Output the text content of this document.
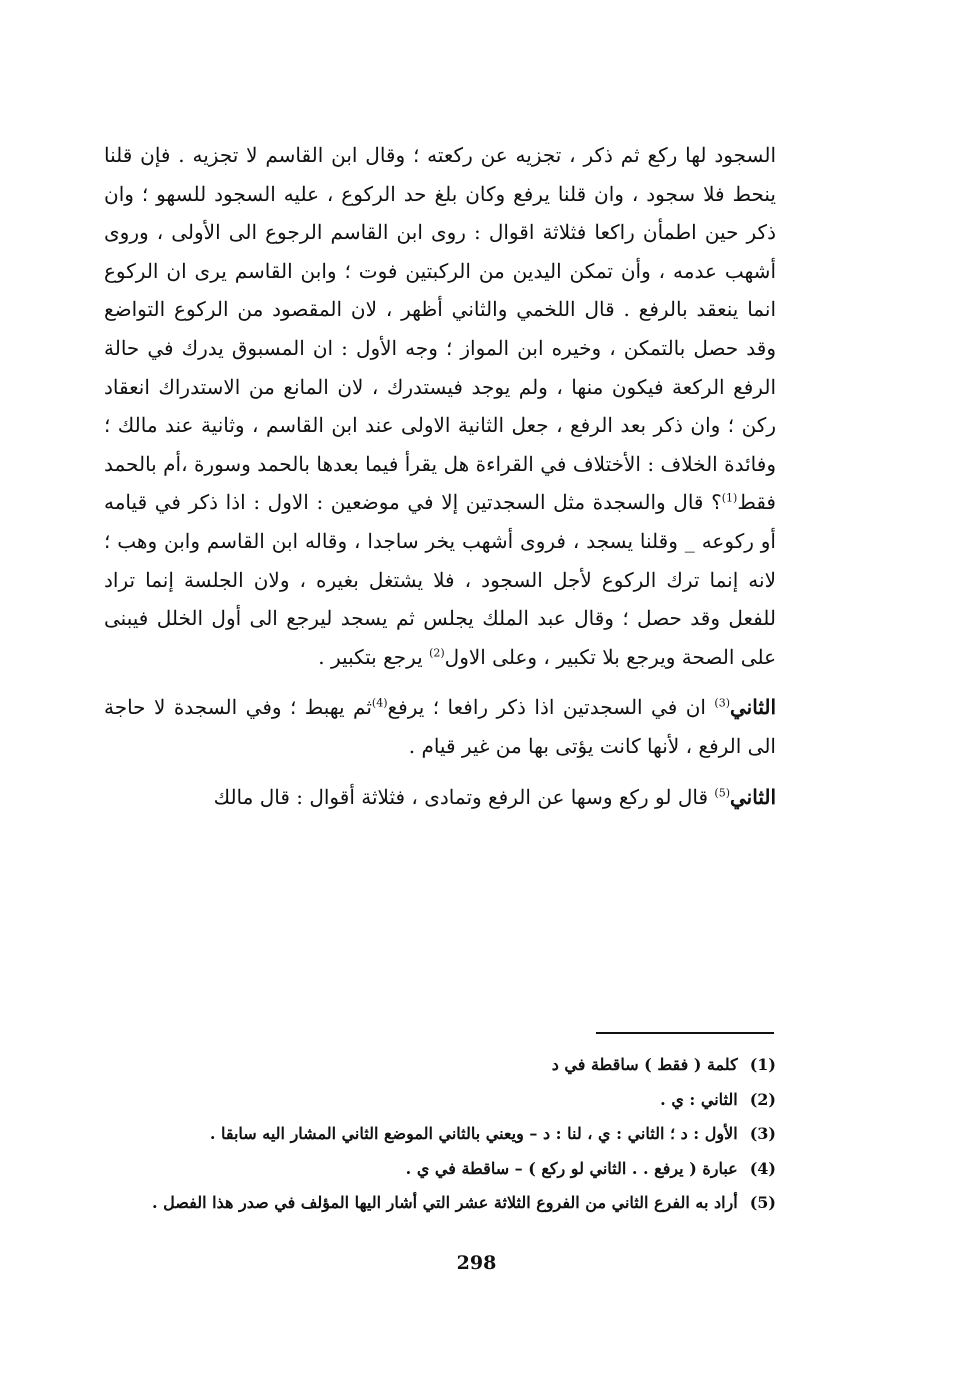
السجود لها ركع ثم ذكر ، تجزيه عن ركعته ؛ وقال ابن القاسم لا تجزيه . فإن قلنا ينحط فلا سجود ، وان قلنا يرفع وكان بلغ حد الركوع ، عليه السجود للسهو ؛ وان ذكر حين اطمأن راكعا فثلاثة اقوال : روى ابن القاسم الرجوع الى الأولى ، وروى أشهب عدمه ، وأن تمكن اليدين من الركبتين فوت ؛ وابن القاسم يرى ان الركوع انما ينعقد بالرفع . قال اللخمي والثاني أظهر ، لان المقصود من الركوع التواضع وقد حصل بالتمكن ، وخيره ابن المواز ؛ وجه الأول : ان المسبوق يدرك في حالة الرفع الركعة فيكون منها ، ولم يوجد فيستدرك ، لان المانع من الاستدراك انعقاد ركن ؛ وان ذكر بعد الرفع ، جعل الثانية الاولى عند ابن القاسم ، وثانية عند مالك ؛ وفائدة الخلاف : الأختلاف في القراءة هل يقرأ فيما بعدها بالحمد وسورة ،أم بالحمد فقط$^{(1)}$؟ قال والسجدة مثل السجدتين إلا في موضعين : الاول : اذا ذكر في قيامه أو ركوعه _ وقلنا يسجد ، فروى أشهب يخر ساجدا ، وقاله ابن القاسم وابن وهب ؛ لانه إنما ترك الركوع لأجل السجود ، فلا يشتغل بغيره ، ولان الجلسة إنما تراد للفعل وقد حصل ؛ وقال عبد الملك يجلس ثم يسجد ليرجع الى أول الخلل فيبنى على الصحة ويرجع بلا تكبير ، وعلى الاول$^{(2)}$ يرجع بتكبير .

الثاني$^{(3)}$ ان في السجدتين اذا ذكر رافعا ؛ يرفع$^{(4)}$ثم يهبط ؛ وفي السجدة لا حاجة الى الرفع ، لأنها كانت يؤتى بها من غير قيام .

الثاني$^{(5)}$ قال لو ركع وسها عن الرفع وتمادى ، فثلاثة أقوال : قال مالك

(1)كلمة ( فقط ) ساقطة في د
(2)الثاني : ي .
(3)الأول : د ؛ الثاني : ي ، لنا : د – ويعني بالثاني الموضع الثاني المشار اليه سابقا .
(4)عبارة ( يرفع . . الثاني لو ركع ) – ساقطة في ي .
(5)أراد به الفرع الثاني من الفروع الثلاثة عشر التي أشار اليها المؤلف في صدر هذا الفصل .
298
